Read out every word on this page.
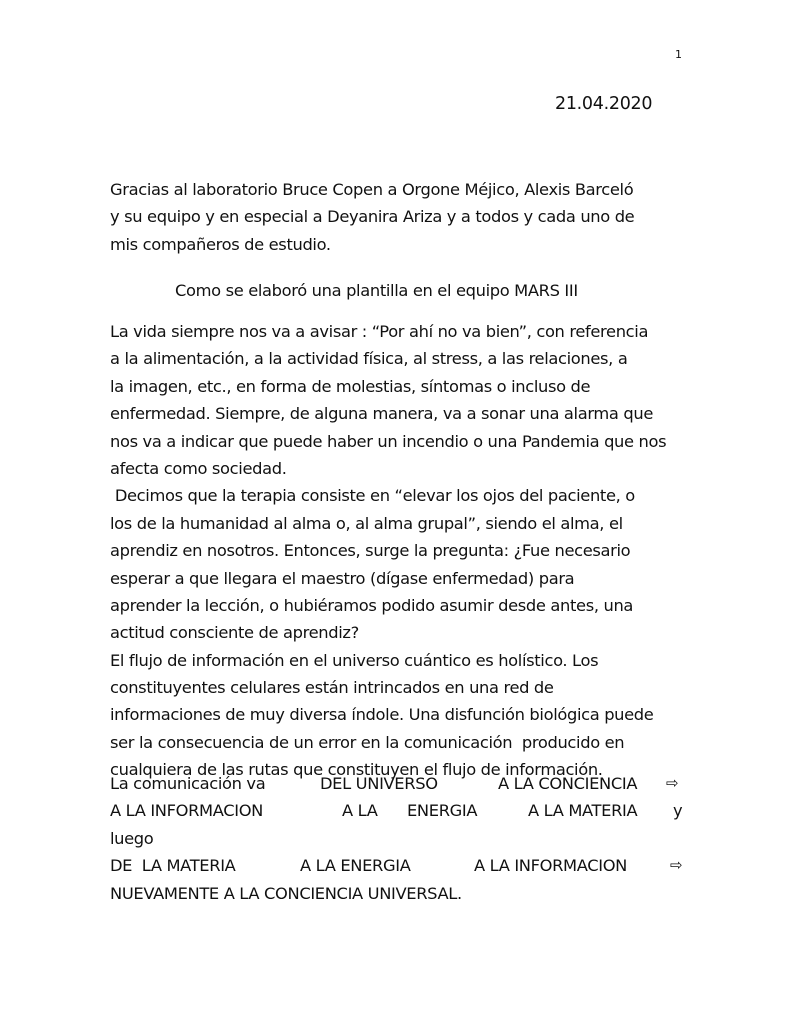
1
21.04.2020
Gracias al laboratorio Bruce Copen a Orgone Méjico, Alexis Barceló
y su equipo y en especial a Deyanira Ariza y a todos y cada uno de
mis compañeros de estudio.
Como se elaboró una plantilla en el equipo MARS III
La vida siempre nos va a avisar : “Por ahí no va bien”, con referencia
a la alimentación, a la actividad física, al stress, a las relaciones, a
la imagen, etc., en forma de molestias, síntomas o incluso de
enfermedad. Siempre, de alguna manera, va a sonar una alarma que
nos va a indicar que puede haber un incendio o una Pandemia que nos
afecta como sociedad.
Decimos que la terapia consiste en “elevar los ojos del paciente, o
los de la humanidad al alma o, al alma grupal”, siendo el alma, el
aprendiz en nosotros. Entonces, surge la pregunta: ¿Fue necesario
esperar a que llegara el maestro (dígase enfermedad) para
aprender la lección, o hubiéramos podido asumir desde antes, una
actitud consciente de aprendiz?
El flujo de información en el universo cuántico es holístico. Los
constituyentes celulares están intrincados en una red de
informaciones de muy diversa índole. Una disfunción biológica puede
ser la consecuencia de un error en la comunicación  producido en
cualquiera de las rutas que constituyen el flujo de información.
La comunicación va	DEL UNIVERSO	A LA CONCIENCIA ⇨
A LA INFORMACION	A LA ENERGIA	A LA MATERIA y
luego
DE  LA MATERIA	A LA ENERGIA	A LA INFORMACION	⇨
NUEVAMENTE A LA CONCIENCIA UNIVERSAL.
